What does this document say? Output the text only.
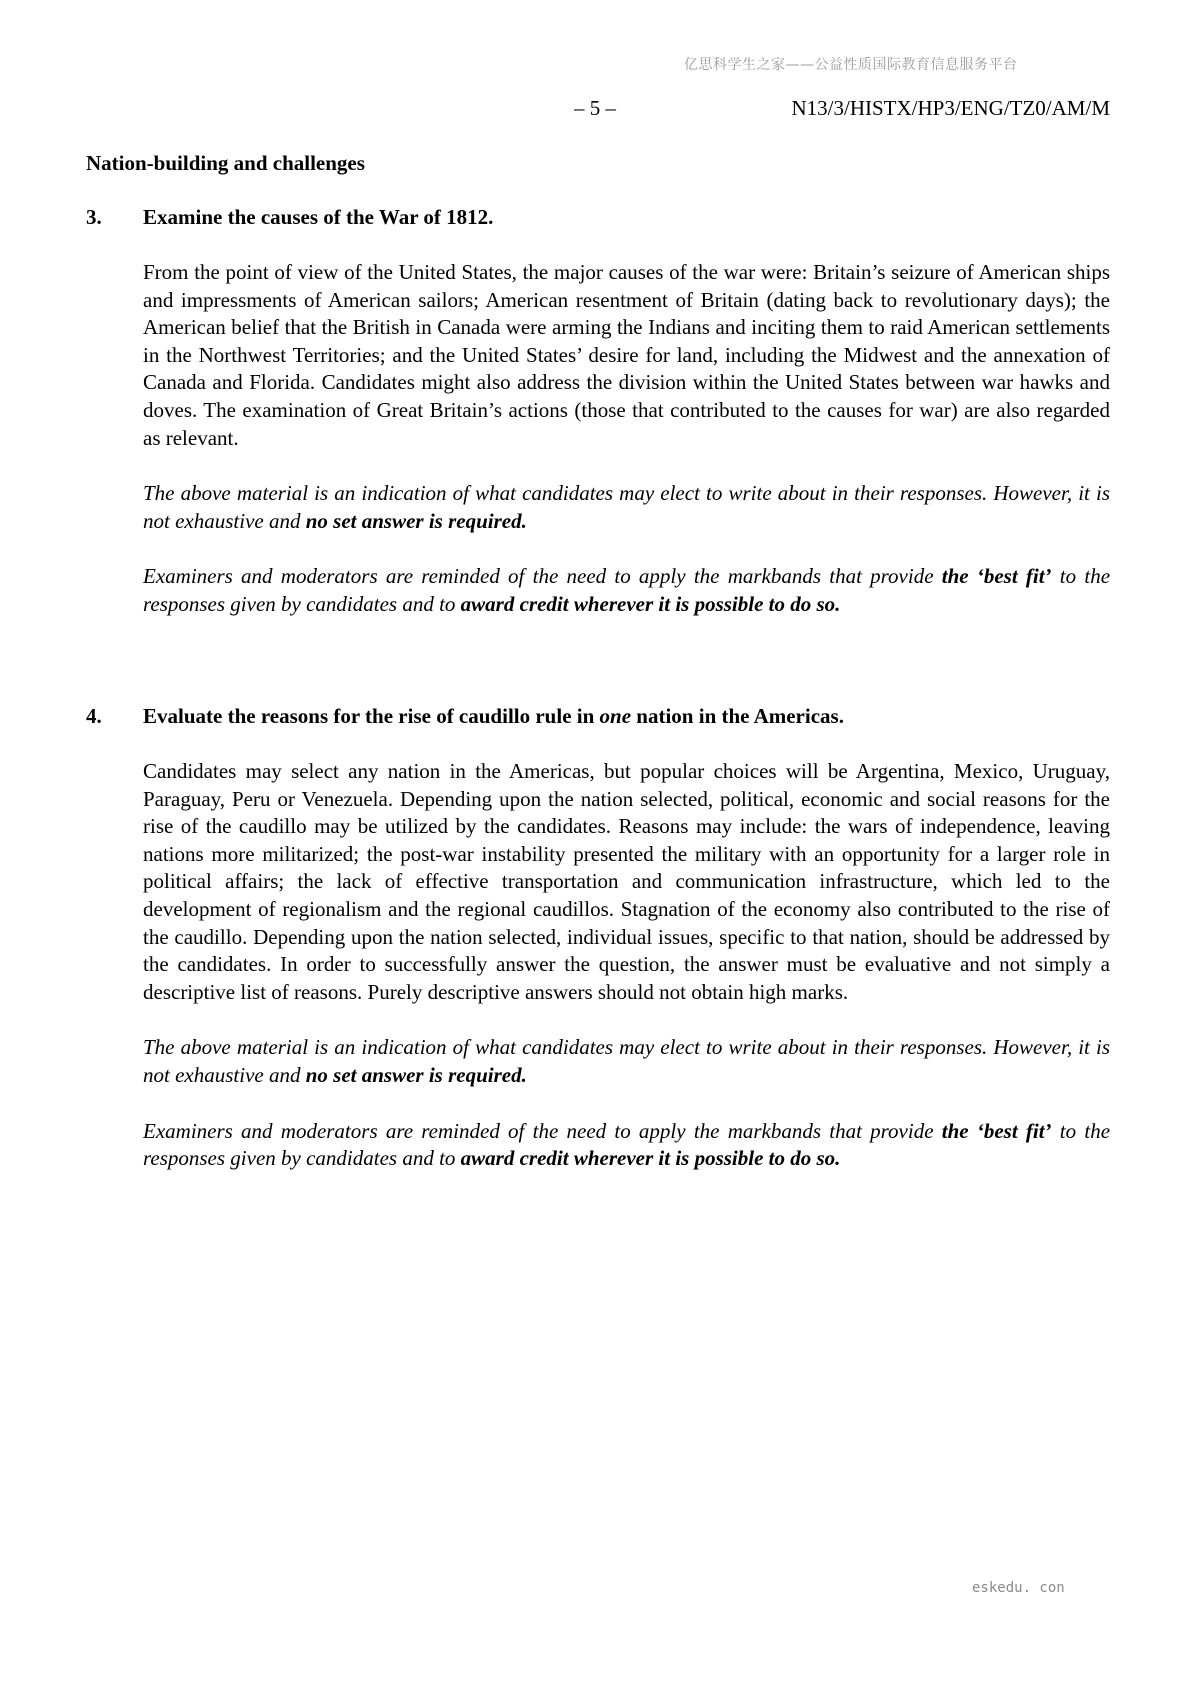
亿思科学生之家——公益性质国际教育信息服务平台
– 5 –	N13/3/HISTX/HP3/ENG/TZ0/AM/M
Nation-building and challenges
3. Examine the causes of the War of 1812.

From the point of view of the United States, the major causes of the war were: Britain’s seizure of American ships and impressments of American sailors; American resentment of Britain (dating back to revolutionary days); the American belief that the British in Canada were arming the Indians and inciting them to raid American settlements in the Northwest Territories; and the United States’ desire for land, including the Midwest and the annexation of Canada and Florida. Candidates might also address the division within the United States between war hawks and doves. The examination of Great Britain’s actions (those that contributed to the causes for war) are also regarded as relevant.

The above material is an indication of what candidates may elect to write about in their responses. However, it is not exhaustive and no set answer is required.

Examiners and moderators are reminded of the need to apply the markbands that provide the ‘best fit’ to the responses given by candidates and to award credit wherever it is possible to do so.

4. Evaluate the reasons for the rise of caudillo rule in one nation in the Americas.

Candidates may select any nation in the Americas, but popular choices will be Argentina, Mexico, Uruguay, Paraguay, Peru or Venezuela. Depending upon the nation selected, political, economic and social reasons for the rise of the caudillo may be utilized by the candidates. Reasons may include: the wars of independence, leaving nations more militarized; the post-war instability presented the military with an opportunity for a larger role in political affairs; the lack of effective transportation and communication infrastructure, which led to the development of regionalism and the regional caudillos. Stagnation of the economy also contributed to the rise of the caudillo. Depending upon the nation selected, individual issues, specific to that nation, should be addressed by the candidates. In order to successfully answer the question, the answer must be evaluative and not simply a descriptive list of reasons. Purely descriptive answers should not obtain high marks.

The above material is an indication of what candidates may elect to write about in their responses. However, it is not exhaustive and no set answer is required.

Examiners and moderators are reminded of the need to apply the markbands that provide the ‘best fit’ to the responses given by candidates and to award credit wherever it is possible to do so.

eskedu. con
